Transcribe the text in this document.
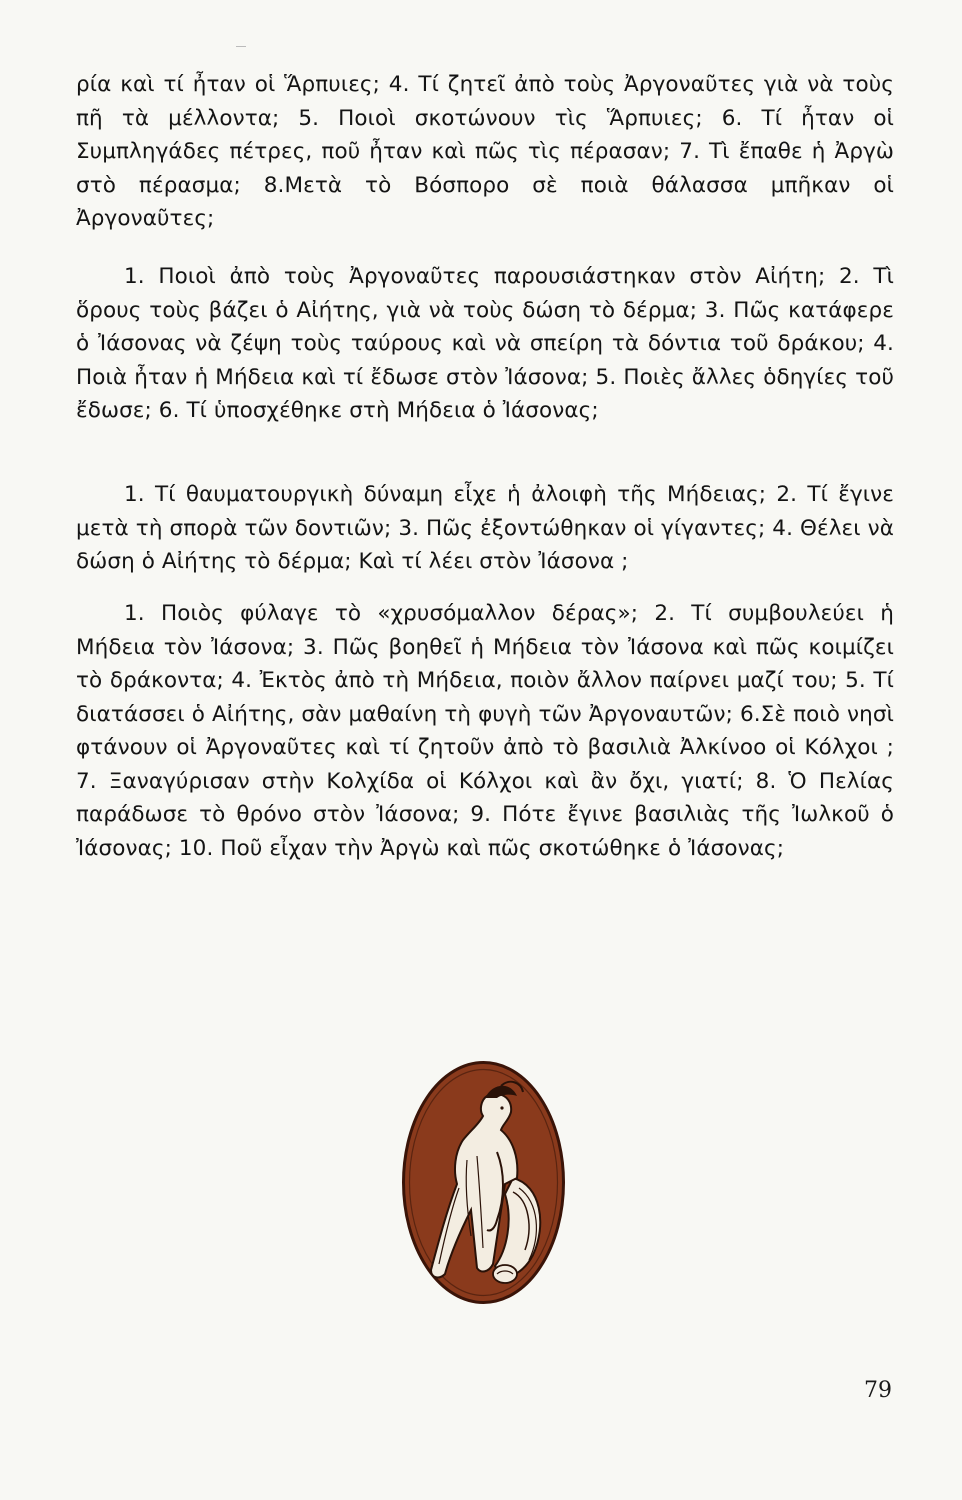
ρία καὶ τί ἦταν οἱ Ἅρπυιες; 4. Τί ζητεῖ ἀπὸ τοὺς Ἀργοναῦτες γιὰ νὰ τοὺς πῆ τὰ μέλλοντα; 5. Ποιοὶ σκοτώνουν τὶς Ἅρπυιες; 6. Τί ἦταν οἱ Συμπληγάδες πέτρες, ποῦ ἦταν καὶ πῶς τὶς πέρασαν; 7. Τὶ ἔπαθε ἡ Ἀργὼ στὸ πέρασμα; 8.Μετὰ τὸ Βόσπορο σὲ ποιὰ θάλασσα μπῆκαν οἱ Ἀργοναῦτες;

1. Ποιοὶ ἀπὸ τοὺς Ἀργοναῦτες παρουσιάστηκαν στὸν Αἰήτη; 2. Τὶ ὅρους τοὺς βάζει ὁ Αἰήτης, γιὰ νὰ τοὺς δώση τὸ δέρμα; 3. Πῶς κατάφερε ὁ Ἰάσονας νὰ ζέψη τοὺς ταύρους καὶ νὰ σπείρη τὰ δόντια τοῦ δράκου; 4. Ποιὰ ἦταν ἡ Μήδεια καὶ τί ἔδωσε στὸν Ἰάσονα; 5. Ποιὲς ἄλλες ὁδηγίες τοῦ ἔδωσε; 6. Τί ὑποσχέθηκε στὴ Μήδεια ὁ Ἰάσονας;

1. Τί θαυματουργικὴ δύναμη εἶχε ἡ ἀλοιφὴ τῆς Μήδειας; 2. Τί ἔγινε μετὰ τὴ σπορὰ τῶν δοντιῶν; 3. Πῶς ἐξοντώθηκαν οἱ γίγαντες; 4. Θέλει νὰ δώση ὁ Αἰήτης τὸ δέρμα; Καὶ τί λέει στὸν Ἰάσονα ;

1. Ποιὸς φύλαγε τὸ «χρυσόμαλλον δέρας»; 2. Τί συμβουλεύει ἡ Μήδεια τὸν Ἰάσονα; 3. Πῶς βοηθεῖ ἡ Μήδεια τὸν Ἰάσονα καὶ πῶς κοιμίζει τὸ δράκοντα; 4. Ἐκτὸς ἀπὸ τὴ Μήδεια, ποιὸν ἄλλον παίρνει μαζί του; 5. Τί διατάσσει ὁ Αἰήτης, σὰν μαθαίνη τὴ φυγὴ τῶν Ἀργοναυτῶν; 6.Σὲ ποιὸ νησὶ φτάνουν οἱ Ἀργοναῦτες καὶ τί ζητοῦν ἀπὸ τὸ βασιλιὰ Ἀλκίνοο οἱ Κόλχοι ; 7. Ξαναγύρισαν στὴν Κολχίδα οἱ Κόλχοι καὶ ἂν ὄχι, γιατί; 8. Ὁ Πελίας παράδωσε τὸ θρόνο στὸν Ἰάσονα; 9. Πότε ἔγινε βασιλιὰς τῆς Ἰωλκοῦ ὁ Ἰάσονας; 10. Ποῦ εἶχαν τὴν Ἀργὼ καὶ πῶς σκοτώθηκε ὁ Ἰάσονας;

79
